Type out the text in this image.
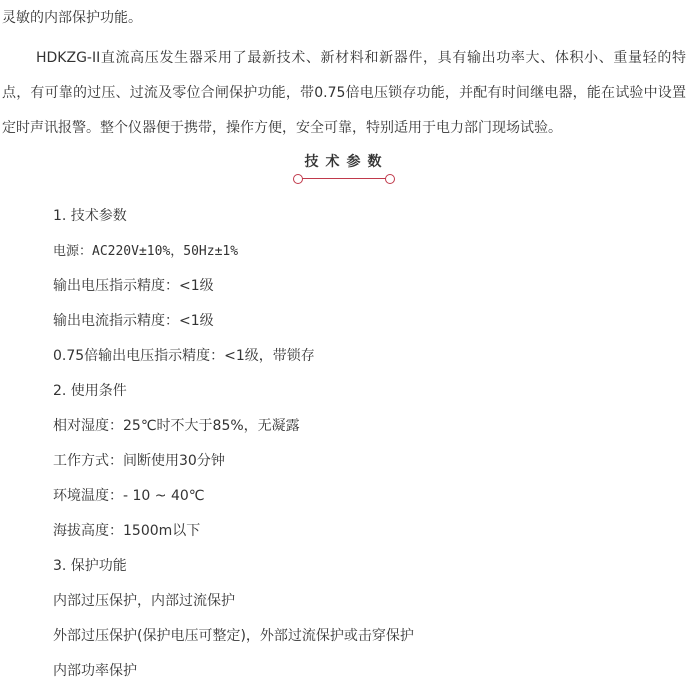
灵敏的内部保护功能。
HDKZG-II直流高压发生器采用了最新技术、新材料和新器件，具有输出功率大、体积小、重量轻的特点，有可靠的过压、过流及零位合闸保护功能，带0.75倍电压锁存功能，并配有时间继电器，能在试验中设置定时声讯报警。整个仪器便于携带，操作方便，安全可靠，特别适用于电力部门现场试验。
技术参数
1. 技术参数
电源：AC220V±10%，50Hz±1%
输出电压指示精度：<1级
输出电流指示精度：<1级
0.75倍输出电压指示精度：<1级，带锁存
2. 使用条件
相对湿度：25℃时不大于85%，无凝露
工作方式：间断使用30分钟
环境温度：- 10 ~ 40℃
海拔高度：1500m以下
3. 保护功能
内部过压保护，内部过流保护
外部过压保护(保护电压可整定)，外部过流保护或击穿保护
内部功率保护
